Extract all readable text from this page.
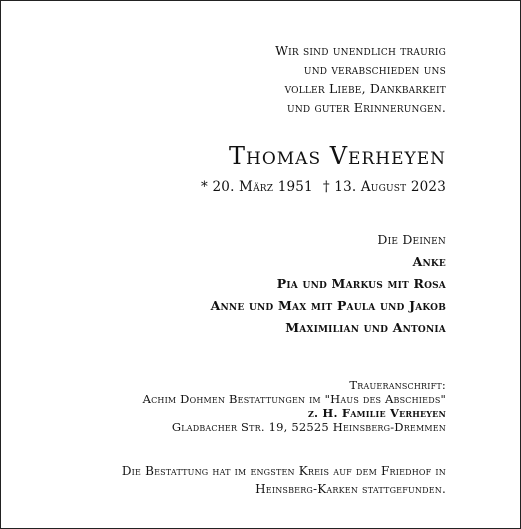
Wir sind unendlich traurig
und verabschieden uns
voller Liebe, Dankbarkeit
und guter Erinnerungen.
Thomas Verheyen
* 20. März 1951 † 13. August 2023
Die Deinen
Anke
Pia und Markus mit Rosa
Anne und Max mit Paula und Jakob
Maximilian und Antonia
Traueranschrift:
Achim Dohmen Bestattungen im "Haus des Abschieds"
z. H. Familie Verheyen
Gladbacher Str. 19, 52525 Heinsberg-Dremmen
Die Bestattung hat im engsten Kreis auf dem Friedhof in
Heinsberg-Karken stattgefunden.
